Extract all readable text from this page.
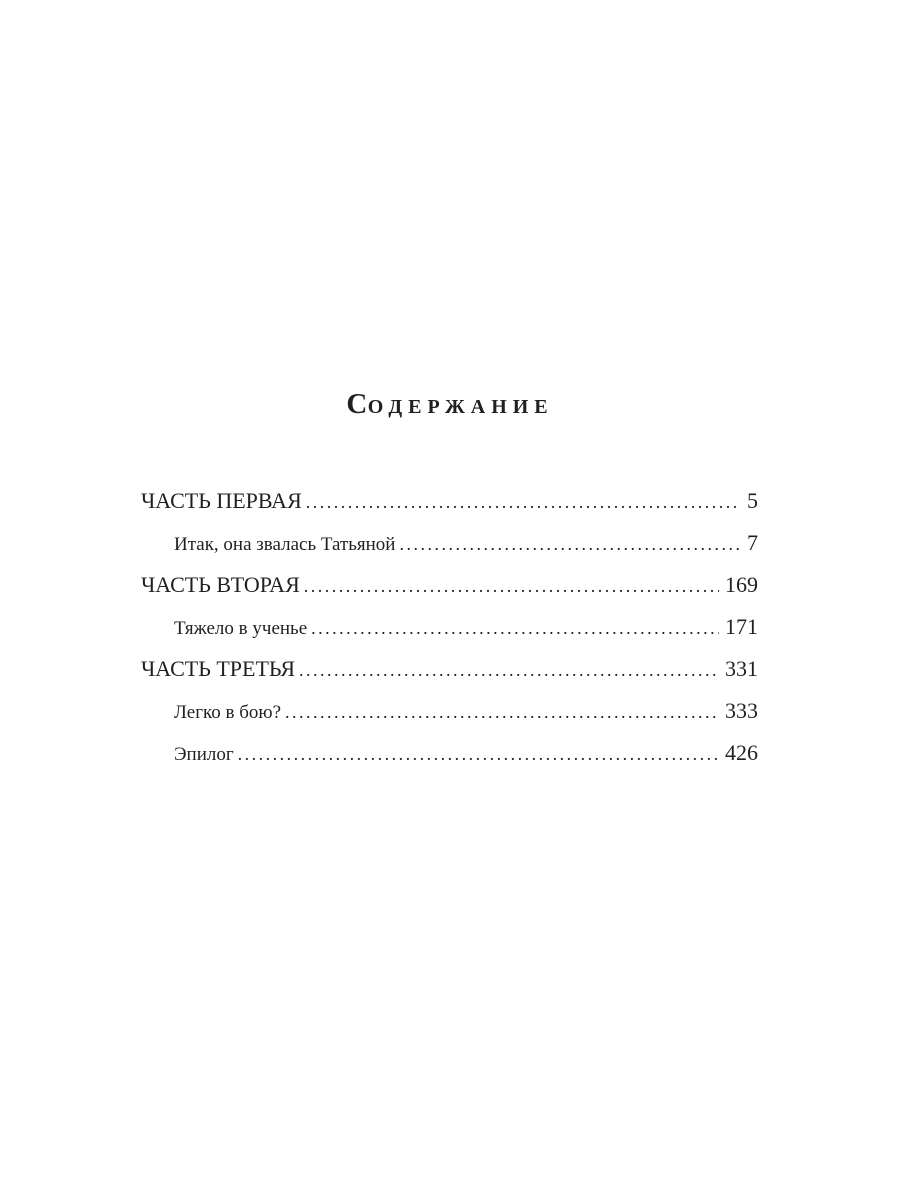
СОДЕРЖАНИЕ
ЧАСТЬ ПЕРВАЯ . . .	5
Итак, она звалась Татьяной . . .	7
ЧАСТЬ ВТОРАЯ . . .	169
Тяжело в ученье . . .	171
ЧАСТЬ ТРЕТЬЯ . . .	331
Легко в бою? . . .	333
Эпилог . . .	426
